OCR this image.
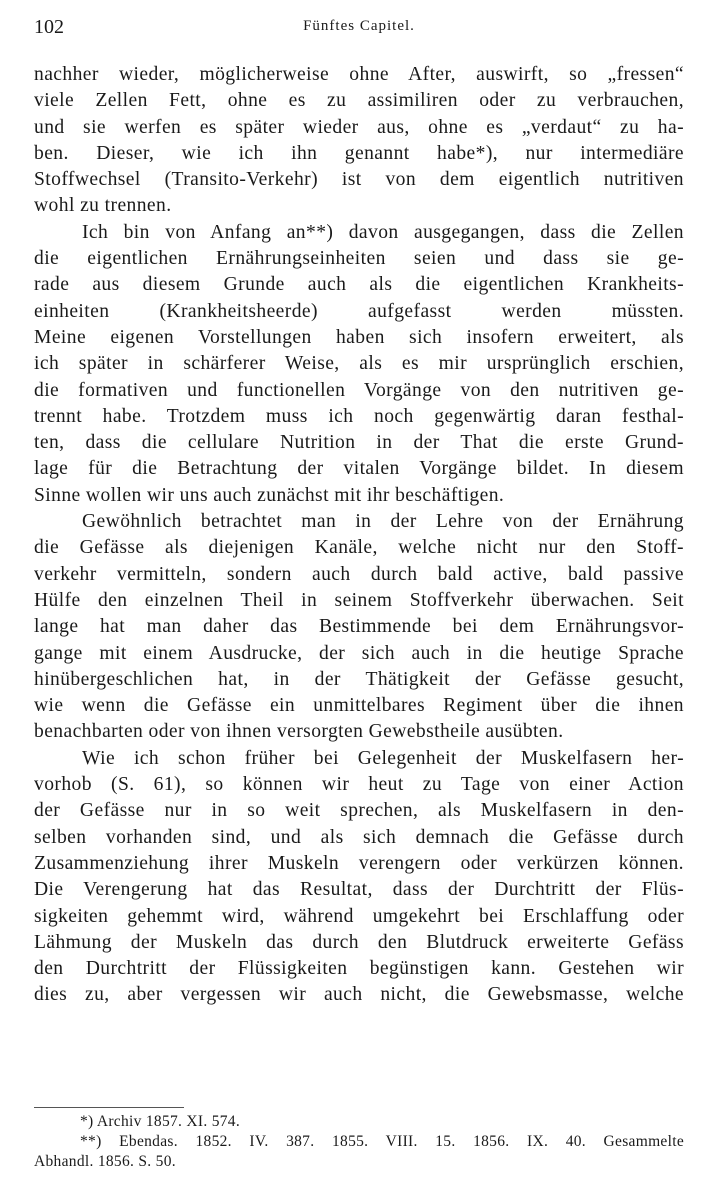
102	Fünftes Capitel.
nachher wieder, möglicherweise ohne After, auswirft, so „fressen“
viele Zellen Fett, ohne es zu assimiliren oder zu verbrauchen,
und sie werfen es später wieder aus, ohne es „verdaut“ zu ha-
ben. Dieser, wie ich ihn genannt habe*), nur intermediäre
Stoffwechsel (Transito-Verkehr) ist von dem eigentlich nutritiven
wohl zu trennen.
Ich bin von Anfang an**) davon ausgegangen, dass die Zellen
die eigentlichen Ernährungseinheiten seien und dass sie ge-
rade aus diesem Grunde auch als die eigentlichen Krankheits-
einheiten (Krankheitsheerde) aufgefasst werden müssten.
Meine eigenen Vorstellungen haben sich insofern erweitert, als
ich später in schärferer Weise, als es mir ursprünglich erschien,
die formativen und functionellen Vorgänge von den nutritiven ge-
trennt habe. Trotzdem muss ich noch gegenwärtig daran festhal-
ten, dass die cellulare Nutrition in der That die erste Grund-
lage für die Betrachtung der vitalen Vorgänge bildet. In diesem
Sinne wollen wir uns auch zunächst mit ihr beschäftigen.
Gewöhnlich betrachtet man in der Lehre von der Ernährung
die Gefässe als diejenigen Kanäle, welche nicht nur den Stoff-
verkehr vermitteln, sondern auch durch bald active, bald passive
Hülfe den einzelnen Theil in seinem Stoffverkehr überwachen. Seit
lange hat man daher das Bestimmende bei dem Ernährungsvor-
gange mit einem Ausdrucke, der sich auch in die heutige Sprache
hinübergeschlichen hat, in der Thätigkeit der Gefässe gesucht,
wie wenn die Gefässe ein unmittelbares Regiment über die ihnen
benachbarten oder von ihnen versorgten Gewebstheile ausübten.
Wie ich schon früher bei Gelegenheit der Muskelfasern her-
vorhob (S. 61), so können wir heut zu Tage von einer Action
der Gefässe nur in so weit sprechen, als Muskelfasern in den-
selben vorhanden sind, und als sich demnach die Gefässe durch
Zusammenziehung ihrer Muskeln verengern oder verkürzen können.
Die Verengerung hat das Resultat, dass der Durchtritt der Flüs-
sigkeiten gehemmt wird, während umgekehrt bei Erschlaffung oder
Lähmung der Muskeln das durch den Blutdruck erweiterte Gefäss
den Durchtritt der Flüssigkeiten begünstigen kann. Gestehen wir
dies zu, aber vergessen wir auch nicht, die Gewebsmasse, welche
*) Archiv 1857. XI. 574.
**) Ebendas. 1852. IV. 387. 1855. VIII. 15. 1856. IX. 40. Gesammelte
Abhandl. 1856. S. 50.
